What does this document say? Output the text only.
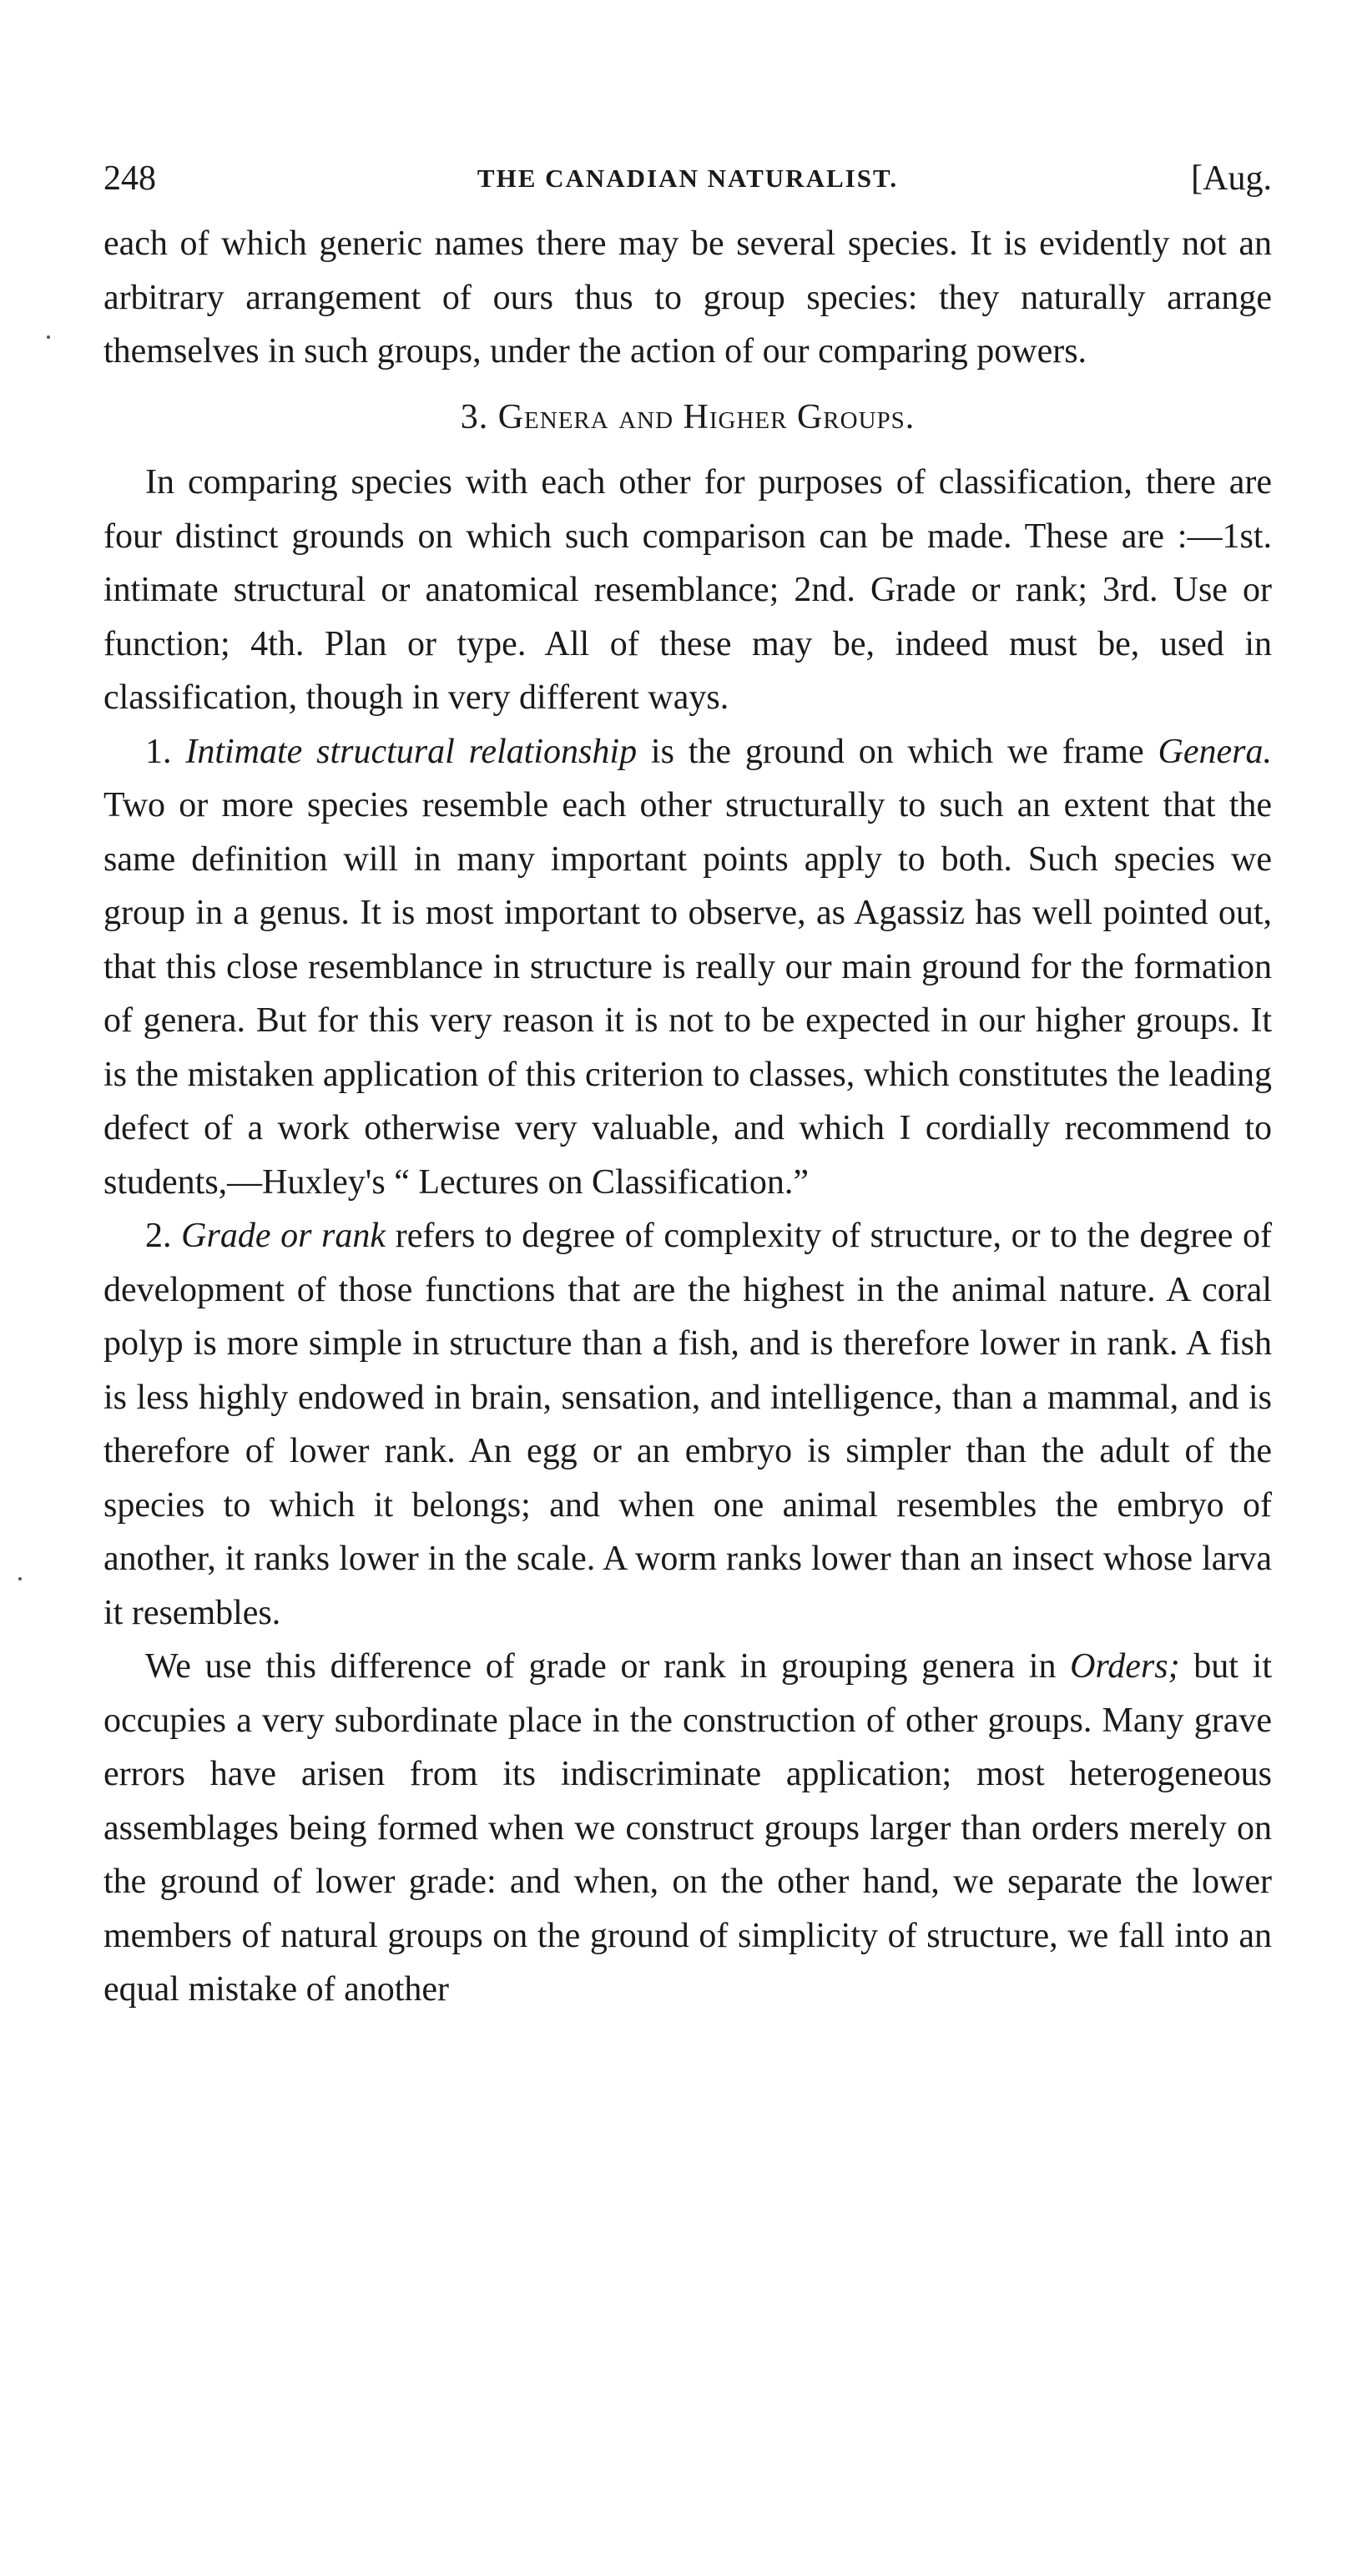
248	THE CANADIAN NATURALIST.	[Aug.

each of which generic names there may be several species. It is evidently not an arbitrary arrangement of ours thus to group species: they naturally arrange themselves in such groups, under the action of our comparing powers.

3. Genera and Higher Groups.

In comparing species with each other for purposes of classification, there are four distinct grounds on which such comparison can be made. These are :—1st. intimate structural or anatomical resemblance; 2nd. Grade or rank; 3rd. Use or function; 4th. Plan or type. All of these may be, indeed must be, used in classification, though in very different ways.

1. Intimate structural relationship is the ground on which we frame Genera. Two or more species resemble each other structurally to such an extent that the same definition will in many important points apply to both. Such species we group in a genus. It is most important to observe, as Agassiz has well pointed out, that this close resemblance in structure is really our main ground for the formation of genera. But for this very reason it is not to be expected in our higher groups. It is the mistaken application of this criterion to classes, which constitutes the leading defect of a work otherwise very valuable, and which I cordially recommend to students,—Huxley's “ Lectures on Classification.”

2. Grade or rank refers to degree of complexity of structure, or to the degree of development of those functions that are the highest in the animal nature. A coral polyp is more simple in structure than a fish, and is therefore lower in rank. A fish is less highly endowed in brain, sensation, and intelligence, than a mammal, and is therefore of lower rank. An egg or an embryo is simpler than the adult of the species to which it belongs; and when one animal resembles the embryo of another, it ranks lower in the scale. A worm ranks lower than an insect whose larva it resembles.

We use this difference of grade or rank in grouping genera in Orders; but it occupies a very subordinate place in the construction of other groups. Many grave errors have arisen from its indiscriminate application; most heterogeneous assemblages being formed when we construct groups larger than orders merely on the ground of lower grade: and when, on the other hand, we separate the lower members of natural groups on the ground of simplicity of structure, we fall into an equal mistake of another
